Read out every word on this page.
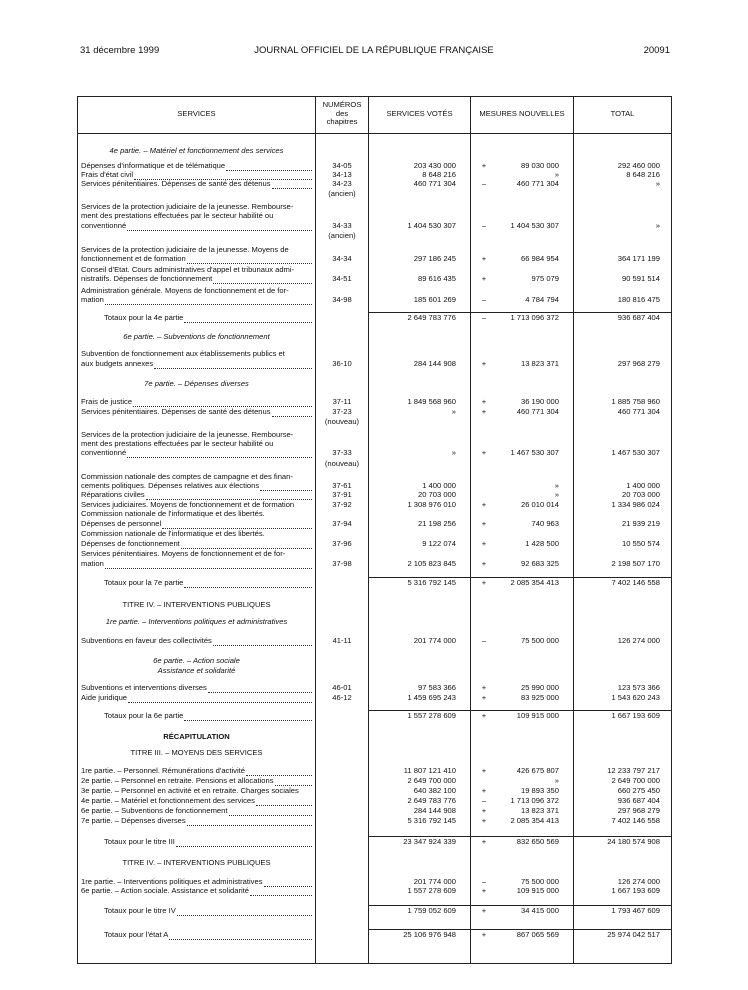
31 décembre 1999	JOURNAL OFFICIEL DE LA RÉPUBLIQUE FRANÇAISE	20091
SERVICES
NUMÉROS
des
chapitres
SERVICES VOTÉS	MESURES NOUVELLES	TOTAL
4e partie. – Matériel et fonctionnement des services
Dépenses d'informatique et de télématique	34-05	203 430 000	+	89 030 000	292 460 000
Frais d'état civil	34-13	8 648 216	»	8 648 216
Services pénitentiaires. Dépenses de santé des détenus	34-23	460 771 304	–	460 771 304	»
(ancien)
Services de la protection judiciaire de la jeunesse. Rembourse-
ment des prestations effectuées par le secteur habilité ou
conventionné	34-33	1 404 530 307	–	1 404 530 307	»
(ancien)
Services de la protection judiciaire de la jeunesse. Moyens de
fonctionnement et de formation	34-34	297 186 245	+	66 984 954	364 171 199
Conseil d'Etat. Cours administratives d'appel et tribunaux admi-
nistratifs. Dépenses de fonctionnement	34-51	89 616 435	+	975 079	90 591 514
Administration générale. Moyens de fonctionnement et de for-
mation	34-98	185 601 269	–	4 784 794	180 816 475
Totaux pour la 4e partie	2 649 783 776	–	1 713 096 372	936 687 404
6e partie. – Subventions de fonctionnement
Subvention de fonctionnement aux établissements publics et
aux budgets annexes	36-10	284 144 908	+	13 823 371	297 968 279
7e partie. – Dépenses diverses
Frais de justice	37-11	1 849 568 960	+	36 190 000	1 885 758 960
Services pénitentiaires. Dépenses de santé des détenus	37-23	»	+	460 771 304	460 771 304
(nouveau)
Services de la protection judiciaire de la jeunesse. Rembourse-
ment des prestations effectuées par le secteur habilité ou
conventionné	37-33	»	+	1 467 530 307	1 467 530 307
(nouveau)
Commission nationale des comptes de campagne et des finan-
cements politiques. Dépenses relatives aux élections	37-61	1 400 000	»	1 400 000
Réparations civiles	37-91	20 703 000	»	20 703 000
Services judiciaires. Moyens de fonctionnement et de formation	37-92	1 308 976 010	+	26 010 014	1 334 986 024
Commission nationale de l'informatique et des libertés.
Dépenses de personnel	37-94	21 198 256	+	740 963	21 939 219
Commission nationale de l'informatique et des libertés.
Dépenses de fonctionnement	37-96	9 122 074	+	1 428 500	10 550 574
Services pénitentiaires. Moyens de fonctionnement et de for-
mation	37-98	2 105 823 845	+	92 683 325	2 198 507 170
Totaux pour la 7e partie	5 316 792 145	+	2 085 354 413	7 402 146 558
TITRE IV. – INTERVENTIONS PUBLIQUES
1re partie. – Interventions politiques et administratives
Subventions en faveur des collectivités	41-11	201 774 000	–	75 500 000	126 274 000
6e partie. – Action sociale
Assistance et solidarité
Subventions et interventions diverses	46-01	97 583 366	+	25 990 000	123 573 366
Aide juridique	46-12	1 459 695 243	+	83 925 000	1 543 620 243
Totaux pour la 6e partie	1 557 278 609	+	109 915 000	1 667 193 609
RÉCAPITULATION
TITRE III. – MOYENS DES SERVICES
1re partie. – Personnel. Rémunérations d'activité	11 807 121 410	+	426 675 807	12 233 797 217
2e partie. – Personnel en retraite. Pensions et allocations	2 649 700 000	»	2 649 700 000
3e partie. – Personnel en activité et en retraite. Charges sociales	640 382 100	+	19 893 350	660 275 450
4e partie. – Matériel et fonctionnement des services	2 649 783 776	–	1 713 096 372	936 687 404
6e partie. – Subventions de fonctionnement	284 144 908	+	13 823 371	297 968 279
7e partie. – Dépenses diverses	5 316 792 145	+	2 085 354 413	7 402 146 558
Totaux pour le titre III	23 347 924 339	+	832 650 569	24 180 574 908
TITRE IV. – INTERVENTIONS PUBLIQUES
1re partie. – Interventions politiques et administratives	201 774 000	–	75 500 000	126 274 000
6e partie. – Action sociale. Assistance et solidarité	1 557 278 609	+	109 915 000	1 667 193 609
Totaux pour le titre IV	1 759 052 609	+	34 415 000	1 793 467 609
Totaux pour l'état A	25 106 976 948	+	867 065 569	25 974 042 517
